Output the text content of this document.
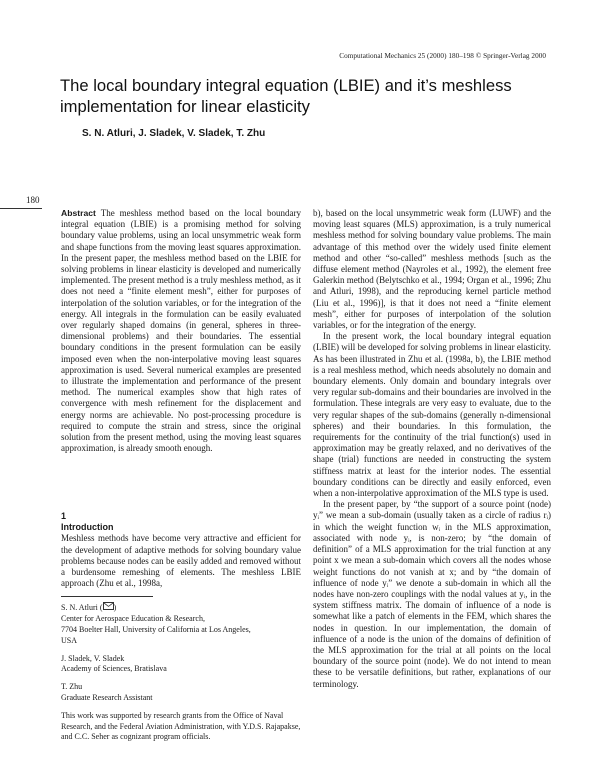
Computational Mechanics 25 (2000) 180–198 © Springer-Verlag 2000
The local boundary integral equation (LBIE) and it’s meshless implementation for linear elasticity
S. N. Atluri, J. Sladek, V. Sladek, T. Zhu
180

Abstract The meshless method based on the local boundary integral equation (LBIE) is a promising method for solving boundary value problems, using an local unsymmetric weak form and shape functions from the moving least squares approximation. In the present paper, the meshless method based on the LBIE for solving problems in linear elasticity is developed and numerically implemented. The present method is a truly meshless method, as it does not need a “finite element mesh”, either for purposes of interpolation of the solution variables, or for the integration of the energy. All integrals in the formulation can be easily evaluated over regularly shaped domains (in general, spheres in three-dimensional problems) and their boundaries. The essential boundary conditions in the present formulation can be easily imposed even when the non-interpolative moving least squares approximation is used. Several numerical examples are presented to illustrate the implementation and performance of the present method. The numerical examples show that high rates of convergence with mesh refinement for the displacement and energy norms are achievable. No post-processing procedure is required to compute the strain and stress, since the original solution from the present method, using the moving least squares approximation, is already smooth enough.

1
Introduction

Meshless methods have become very attractive and efficient for the development of adaptive methods for solving boundary value problems because nodes can be easily added and removed without a burdensome remeshing of elements. The meshless LBIE approach (Zhu et al., 1998a,

S. N. Atluri ( )
Center for Aerospace Education & Research,
7704 Boelter Hall, University of California at Los Angeles,
USA
J. Sladek, V. Sladek
Academy of Sciences, Bratislava
T. Zhu
Graduate Research Assistant
This work was supported by research grants from the Office of Naval Research, and the Federal Aviation Administration, with Y.D.S. Rajapakse, and C.C. Seher as cognizant program officials.

b), based on the local unsymmetric weak form (LUWF) and the moving least squares (MLS) approximation, is a truly numerical meshless method for solving boundary value problems. The main advantage of this method over the widely used finite element method and other “so-called” meshless methods [such as the diffuse element method (Nayroles et al., 1992), the element free Galerkin method (Belytschko et al., 1994; Organ et al., 1996; Zhu and Atluri, 1998), and the reproducing kernel particle method (Liu et al., 1996)], is that it does not need a “finite element mesh”, either for purposes of interpolation of the solution variables, or for the integration of the energy.

In the present work, the local boundary integral equation (LBIE) will be developed for solving problems in linear elasticity. As has been illustrated in Zhu et al. (1998a, b), the LBIE method is a real meshless method, which needs absolutely no domain and boundary elements. Only domain and boundary integrals over very regular sub-domains and their boundaries are involved in the formulation. These integrals are very easy to evaluate, due to the very regular shapes of the sub-domains (generally n-dimensional spheres) and their boundaries. In this formulation, the requirements for the continuity of the trial function(s) used in approximation may be greatly relaxed, and no derivatives of the shape (trial) functions are needed in constructing the system stiffness matrix at least for the interior nodes. The essential boundary conditions can be directly and easily enforced, even when a non-interpolative approximation of the MLS type is used.

In the present paper, by “the support of a source point (node) yᵢ” we mean a sub-domain (usually taken as a circle of radius rᵢ) in which the weight function wᵢ in the MLS approximation, associated with node yᵢ, is non-zero; by “the domain of definition” of a MLS approximation for the trial function at any point x we mean a sub-domain which covers all the nodes whose weight functions do not vanish at x; and by “the domain of influence of node yᵢ” we denote a sub-domain in which all the nodes have non-zero couplings with the nodal values at yᵢ, in the system stiffness matrix. The domain of influence of a node is somewhat like a patch of elements in the FEM, which shares the nodes in question. In our implementation, the domain of influence of a node is the union of the domains of definition of the MLS approximation for the trial at all points on the local boundary of the source point (node). We do not intend to mean these to be versatile definitions, but rather, explanations of our terminology.
